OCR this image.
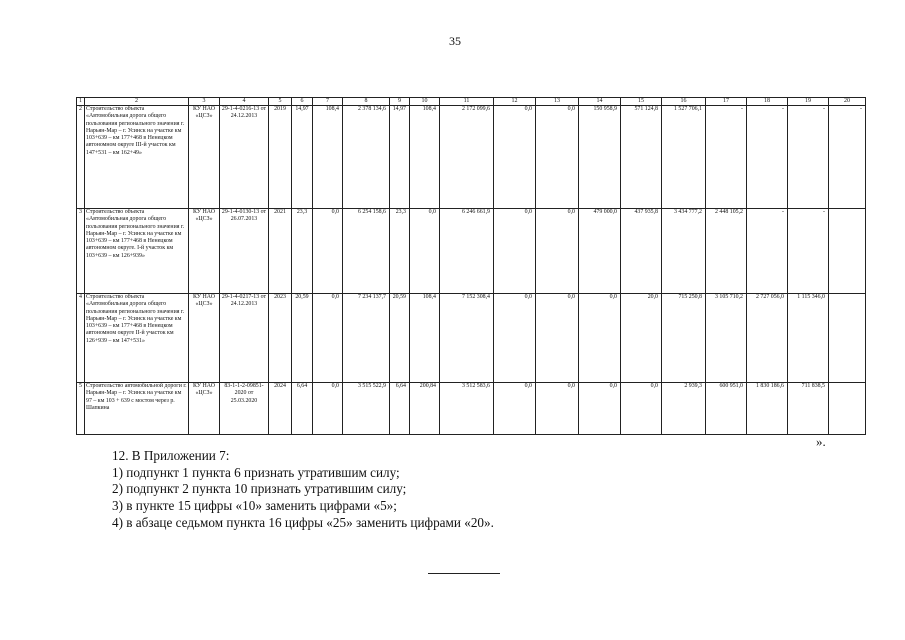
35
1	2	3	4	5	6	7	8	9	10	11	12	13	14	15	16	17	18	19	20
2	Строительство объекта «Автомобильная дорога общего пользования регионального значения г. Нарьян-Мар – г. Усинск на участке км 103+639 – км 177+468 в Ненецком автономном округе III-й участок км 147+531 – км 162+49»	КУ НАО «ЦСЗ»	29-1-4-0216-13 от 24.12.2013	2019	14,97	108,4	2 378 134,6	14,97	108,4	2 172 099,6	0,0	0,0	150 958,9	571 124,8	1 527 706,1	-	-	-	-
3	Строительство объекта «Автомобильная дорога общего пользования регионального значения г. Нарьян-Мар – г. Усинск на участке км 103+639 – км 177+468 в Ненецком автономном округе. I-й участок км 103+639 – км 126+939»	КУ НАО «ЦСЗ»	29-1-4-0130-13 от 26.07.2013	2021	23,3	0,0	6 254 158,6	23,3	0,0	6 246 661,9	0,0	0,0	479 000,0	437 935,8	3 434 777,2	2 448 105,2	-	-	
4	Строительство объекта «Автомобильная дорога общего пользования регионального значения г. Нарьян-Мар – г. Усинск на участке км 103+639 – км 177+468 в Ненецком автономном округе II-й участок км 126+939 – км 147+531»	КУ НАО «ЦСЗ»	29-1-4-0217-13 от 24.12.2013	2023	20,59	0,0	7 234 137,7	20,59	108,4	7 152 308,4	0,0	0,0	0,0	20,0	715 250,8	3 105 710,2	2 727 056,0	1 115 346,0	
5	Строительство автомобильной дороги г. Нарьян-Мар – г. Усинск на участке км 97 – км 103 + 639 с мостом через р. Шапкина	КУ НАО «ЦСЗ»	83-1-1-2-09851-2020 от 25.03.2020	2024	6,64	0,0	3 515 522,9	6,64	200,84	3 512 583,6	0,0	0,0	0,0	0,0	2 939,3	600 951,0	1 830 186,6	711 838,5	
».
12. В Приложении 7:
1) подпункт 1 пункта 6 признать утратившим силу;
2) подпункт 2 пункта 10 признать утратившим силу;
3) в пункте 15 цифры «10» заменить цифрами «5»;
4) в абзаце седьмом пункта 16 цифры «25» заменить цифрами «20».
